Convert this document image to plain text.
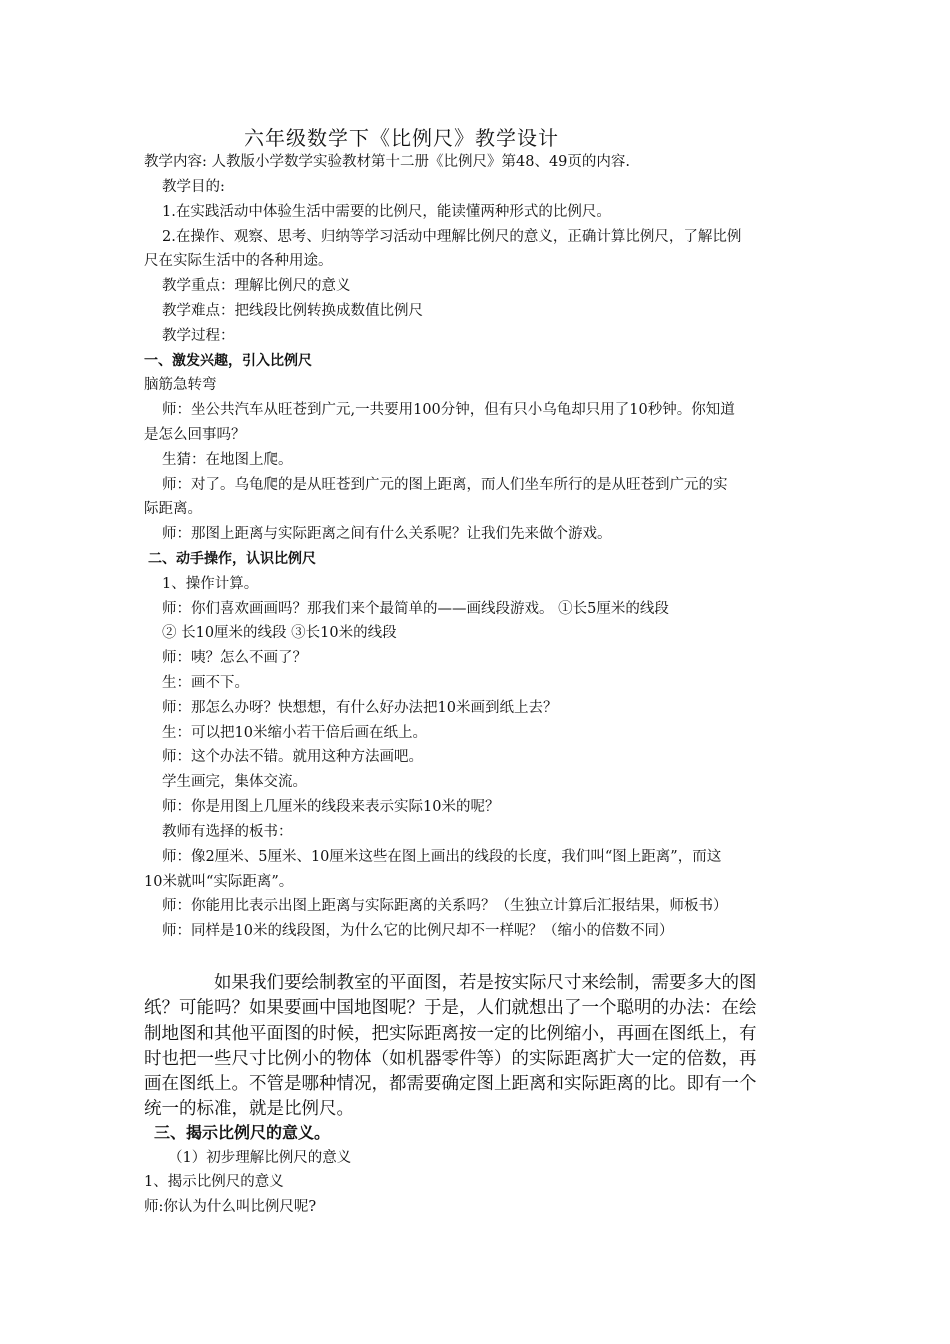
六年级数学下《比例尺》教学设计
教学内容: 人教版小学数学实验教材第十二册《比例尺》第48、49页的内容.
教学目的:
1.在实践活动中体验生活中需要的比例尺，能读懂两种形式的比例尺。
2.在操作、观察、思考、归纳等学习活动中理解比例尺的意义，正确计算比例尺，了解比例
尺在实际生活中的各种用途。
教学重点：理解比例尺的意义
教学难点：把线段比例转换成数值比例尺
教学过程：
一、激发兴趣，引入比例尺
脑筋急转弯
师：坐公共汽车从旺苍到广元,一共要用100分钟，但有只小乌龟却只用了10秒钟。你知道
是怎么回事吗？
生猜：在地图上爬。
师：对了。乌龟爬的是从旺苍到广元的图上距离，而人们坐车所行的是从旺苍到广元的实
际距离。
师：那图上距离与实际距离之间有什么关系呢？让我们先来做个游戏。
二、动手操作，认识比例尺
1、操作计算。
师：你们喜欢画画吗？那我们来个最简单的——画线段游戏。 ①长5厘米的线段
② 长10厘米的线段 ③长10米的线段
师：咦？怎么不画了？
生：画不下。
师：那怎么办呀？快想想，有什么好办法把10米画到纸上去？
生：可以把10米缩小若干倍后画在纸上。
师：这个办法不错。就用这种方法画吧。
学生画完，集体交流。
师：你是用图上几厘米的线段来表示实际10米的呢？
教师有选择的板书：
师：像2厘米、5厘米、10厘米这些在图上画出的线段的长度，我们叫“图上距离”，而这
10米就叫“实际距离”。
师：你能用比表示出图上距离与实际距离的关系吗？（生独立计算后汇报结果，师板书）
师：同样是10米的线段图，为什么它的比例尺却不一样呢？（缩小的倍数不同）
如果我们要绘制教室的平面图，若是按实际尺寸来绘制，需要多大的图
纸？可能吗？如果要画中国地图呢？于是，人们就想出了一个聪明的办法：在绘
制地图和其他平面图的时候，把实际距离按一定的比例缩小，再画在图纸上，有
时也把一些尺寸比例小的物体（如机器零件等）的实际距离扩大一定的倍数，再
画在图纸上。不管是哪种情况，都需要确定图上距离和实际距离的比。即有一个
统一的标准，就是比例尺。
三、揭示比例尺的意义。
（1）初步理解比例尺的意义
1、揭示比例尺的意义
师:你认为什么叫比例尺呢?
